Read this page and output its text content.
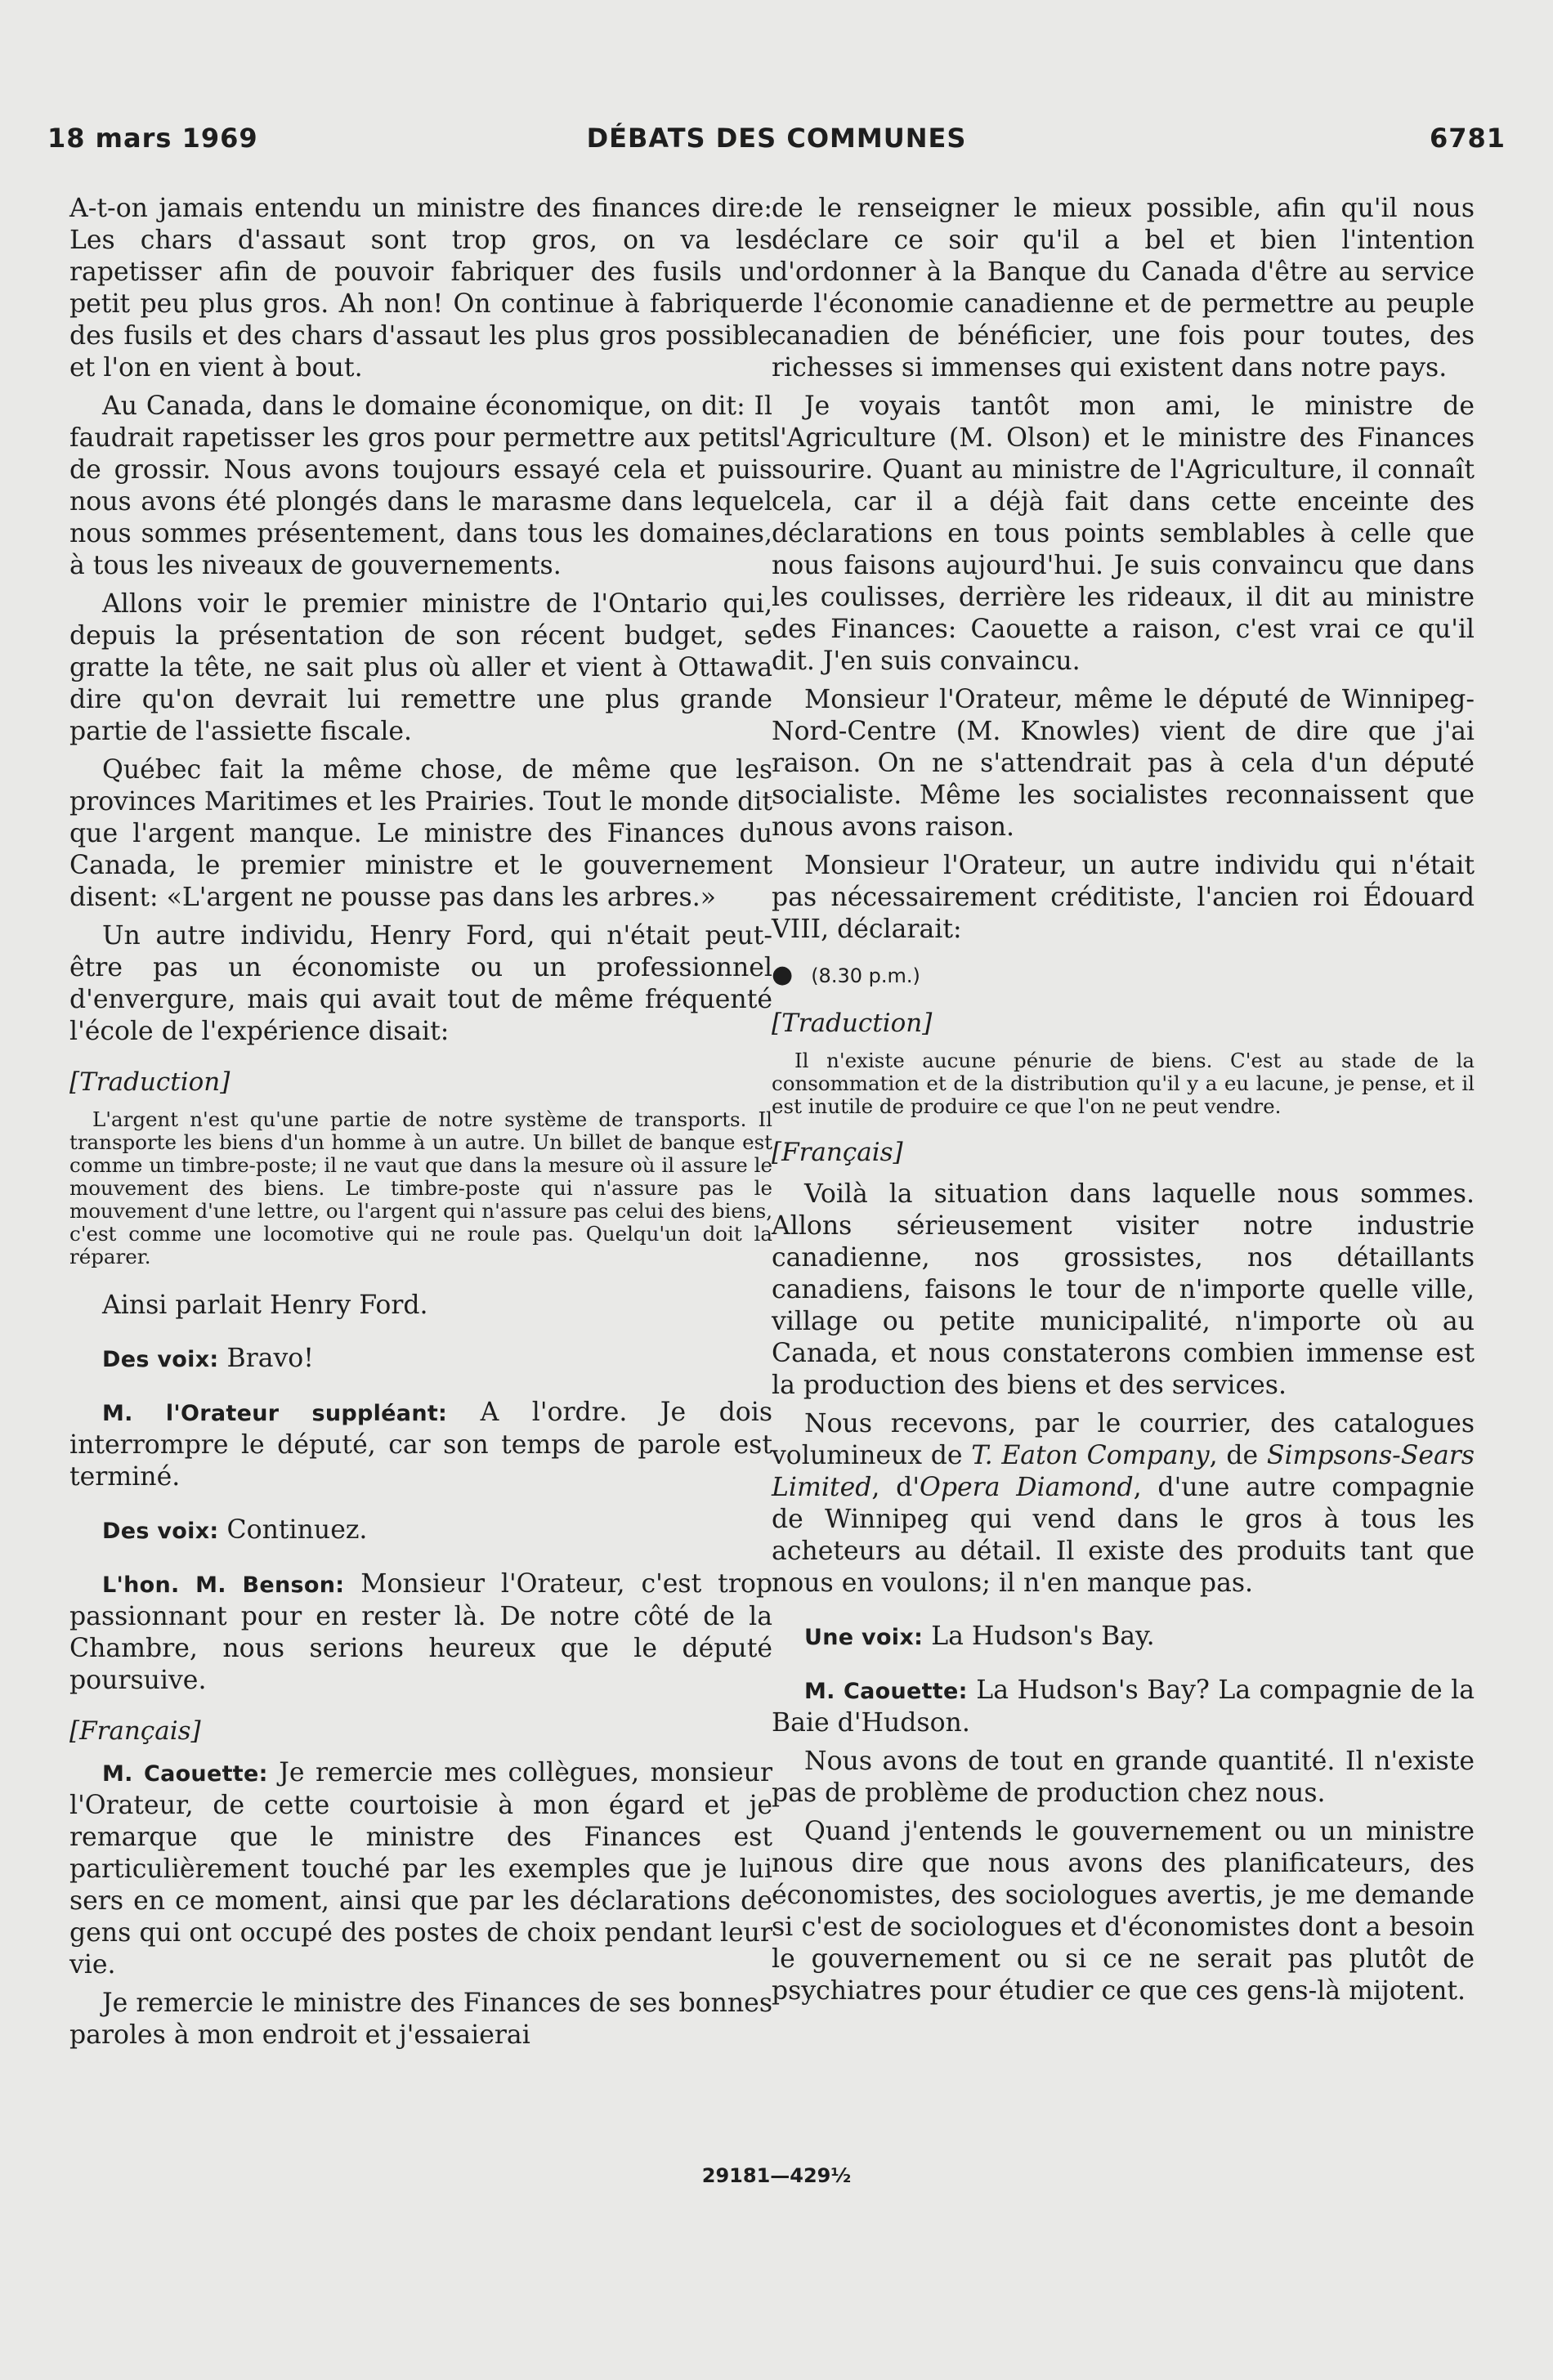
18 mars 1969	DÉBATS DES COMMUNES	6781

A-t-on jamais entendu un ministre des finances dire: Les chars d'assaut sont trop gros, on va les rapetisser afin de pouvoir fabriquer des fusils un petit peu plus gros. Ah non! On continue à fabriquer des fusils et des chars d'assaut les plus gros possible et l'on en vient à bout.

Au Canada, dans le domaine économique, on dit: Il faudrait rapetisser les gros pour permettre aux petits de grossir. Nous avons toujours essayé cela et puis nous avons été plongés dans le marasme dans lequel nous sommes présentement, dans tous les domaines, à tous les niveaux de gouvernements.

Allons voir le premier ministre de l'Ontario qui, depuis la présentation de son récent budget, se gratte la tête, ne sait plus où aller et vient à Ottawa dire qu'on devrait lui remettre une plus grande partie de l'assiette fiscale.

Québec fait la même chose, de même que les provinces Maritimes et les Prairies. Tout le monde dit que l'argent manque. Le ministre des Finances du Canada, le premier ministre et le gouvernement disent: «L'argent ne pousse pas dans les arbres.»

Un autre individu, Henry Ford, qui n'était peut-être pas un économiste ou un professionnel d'envergure, mais qui avait tout de même fréquenté l'école de l'expérience disait:

[Traduction]
L'argent n'est qu'une partie de notre système de transports. Il transporte les biens d'un homme à un autre. Un billet de banque est comme un timbre-poste; il ne vaut que dans la mesure où il assure le mouvement des biens. Le timbre-poste qui n'assure pas le mouvement d'une lettre, ou l'argent qui n'assure pas celui des biens, c'est comme une locomotive qui ne roule pas. Quelqu'un doit la réparer.

Ainsi parlait Henry Ford.

Des voix: Bravo!

M. l'Orateur suppléant: A l'ordre. Je dois interrompre le député, car son temps de parole est terminé.

Des voix: Continuez.

L'hon. M. Benson: Monsieur l'Orateur, c'est trop passionnant pour en rester là. De notre côté de la Chambre, nous serions heureux que le député poursuive.

[Français]

M. Caouette: Je remercie mes collègues, monsieur l'Orateur, de cette courtoisie à mon égard et je remarque que le ministre des Finances est particulièrement touché par les exemples que je lui sers en ce moment, ainsi que par les déclarations de gens qui ont occupé des postes de choix pendant leur vie.

Je remercie le ministre des Finances de ses bonnes paroles à mon endroit et j'essaierai

de le renseigner le mieux possible, afin qu'il nous déclare ce soir qu'il a bel et bien l'intention d'ordonner à la Banque du Canada d'être au service de l'économie canadienne et de permettre au peuple canadien de bénéficier, une fois pour toutes, des richesses si immenses qui existent dans notre pays.

Je voyais tantôt mon ami, le ministre de l'Agriculture (M. Olson) et le ministre des Finances sourire. Quant au ministre de l'Agriculture, il connaît cela, car il a déjà fait dans cette enceinte des déclarations en tous points semblables à celle que nous faisons aujourd'hui. Je suis convaincu que dans les coulisses, derrière les rideaux, il dit au ministre des Finances: Caouette a raison, c'est vrai ce qu'il dit. J'en suis convaincu.

Monsieur l'Orateur, même le député de Winnipeg-Nord-Centre (M. Knowles) vient de dire que j'ai raison. On ne s'attendrait pas à cela d'un député socialiste. Même les socialistes reconnaissent que nous avons raison.

Monsieur l'Orateur, un autre individu qui n'était pas nécessairement créditiste, l'ancien roi Édouard VIII, déclarait:

● (8.30 p.m.)
[Traduction]
Il n'existe aucune pénurie de biens. C'est au stade de la consommation et de la distribution qu'il y a eu lacune, je pense, et il est inutile de produire ce que l'on ne peut vendre.
[Français]

Voilà la situation dans laquelle nous sommes. Allons sérieusement visiter notre industrie canadienne, nos grossistes, nos détaillants canadiens, faisons le tour de n'importe quelle ville, village ou petite municipalité, n'importe où au Canada, et nous constaterons combien immense est la production des biens et des services.

Nous recevons, par le courrier, des catalogues volumineux de T. Eaton Company, de Simpsons-Sears Limited, d'Opera Diamond, d'une autre compagnie de Winnipeg qui vend dans le gros à tous les acheteurs au détail. Il existe des produits tant que nous en voulons; il n'en manque pas.

Une voix: La Hudson's Bay.

M. Caouette: La Hudson's Bay? La compagnie de la Baie d'Hudson.

Nous avons de tout en grande quantité. Il n'existe pas de problème de production chez nous.

Quand j'entends le gouvernement ou un ministre nous dire que nous avons des planificateurs, des économistes, des sociologues avertis, je me demande si c'est de sociologues et d'économistes dont a besoin le gouvernement ou si ce ne serait pas plutôt de psychiatres pour étudier ce que ces gens-là mijotent.

29181—429½
